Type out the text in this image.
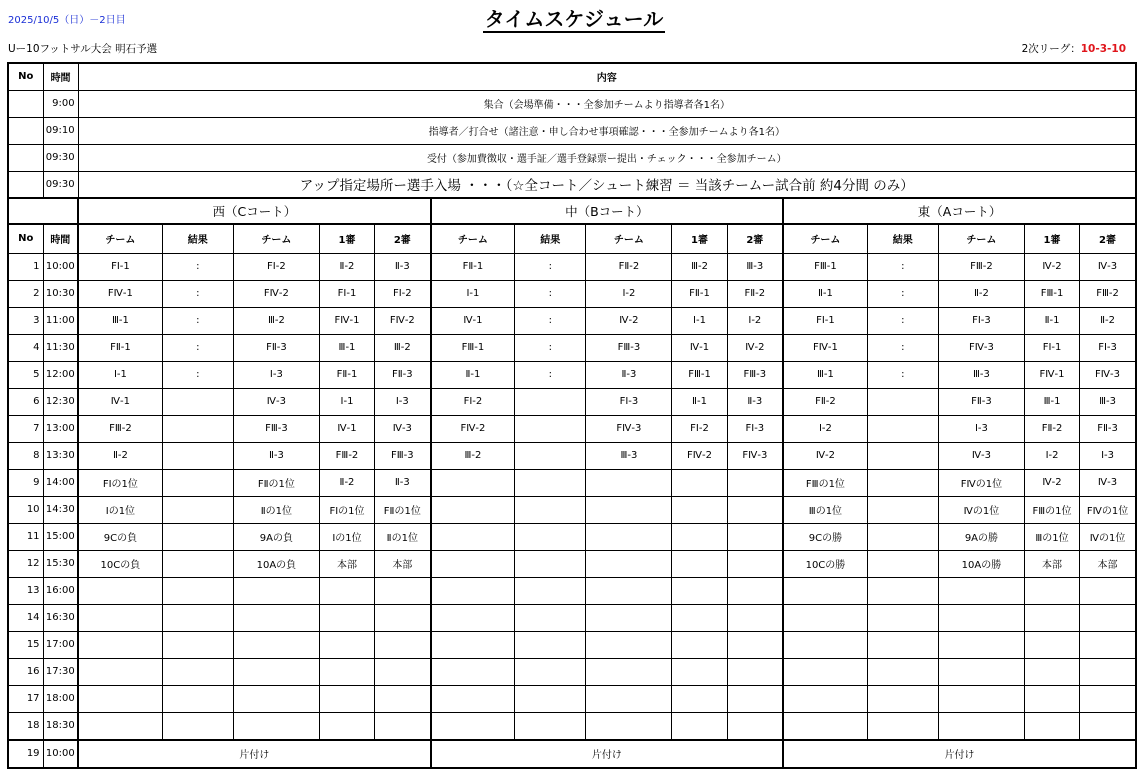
2025/10/5（日）－2日目	タイムスケジュール
Uー10フットサル大会 明石予選	2次リーグ：10-3-10
No	時間	内容														
	9:00	集合（会場準備・・・全参加チームより指導者各1名）														
	09:10	指導者／打合せ（諸注意・申し合わせ事項確認・・・全参加チームより各1名）														
	09:30	受付（参加費徴収・選手証／選手登録票ー提出・チェック・・・全参加チーム）														
	09:30	アップ指定場所ー選手入場 ・・・（☆全コート／シュート練習 ＝ 当該チームー試合前 約4分間 のみ）														
		西（Cコート）					中（Bコート）					東（Aコート）				
No	時間	チーム	結果	チーム	1審	2審	チーム	結果	チーム	1審	2審	チーム	結果	チーム	1審	2審
1	10:00	FⅠ-1	:	FⅠ-2	Ⅱ-2	Ⅱ-3	FⅡ-1	:	FⅡ-2	Ⅲ-2	Ⅲ-3	FⅢ-1	:	FⅢ-2	Ⅳ-2	Ⅳ-3
2	10:30	FⅣ-1	:	FⅣ-2	FⅠ-1	FⅠ-2	Ⅰ-1	:	Ⅰ-2	FⅡ-1	FⅡ-2	Ⅱ-1	:	Ⅱ-2	FⅢ-1	FⅢ-2
3	11:00	Ⅲ-1	:	Ⅲ-2	FⅣ-1	FⅣ-2	Ⅳ-1	:	Ⅳ-2	Ⅰ-1	Ⅰ-2	FⅠ-1	:	FⅠ-3	Ⅱ-1	Ⅱ-2
4	11:30	FⅡ-1	:	FⅡ-3	Ⅲ-1	Ⅲ-2	FⅢ-1	:	FⅢ-3	Ⅳ-1	Ⅳ-2	FⅣ-1	:	FⅣ-3	FⅠ-1	FⅠ-3
5	12:00	Ⅰ-1	:	Ⅰ-3	FⅡ-1	FⅡ-3	Ⅱ-1	:	Ⅱ-3	FⅢ-1	FⅢ-3	Ⅲ-1	:	Ⅲ-3	FⅣ-1	FⅣ-3
6	12:30	Ⅳ-1		Ⅳ-3	Ⅰ-1	Ⅰ-3	FⅠ-2		FⅠ-3	Ⅱ-1	Ⅱ-3	FⅡ-2		FⅡ-3	Ⅲ-1	Ⅲ-3
7	13:00	FⅢ-2		FⅢ-3	Ⅳ-1	Ⅳ-3	FⅣ-2		FⅣ-3	FⅠ-2	FⅠ-3	Ⅰ-2		Ⅰ-3	FⅡ-2	FⅡ-3
8	13:30	Ⅱ-2		Ⅱ-3	FⅢ-2	FⅢ-3	Ⅲ-2		Ⅲ-3	FⅣ-2	FⅣ-3	Ⅳ-2		Ⅳ-3	Ⅰ-2	Ⅰ-3
9	14:00	FⅠの1位		FⅡの1位	Ⅱ-2	Ⅱ-3						FⅢの1位		FⅣの1位	Ⅳ-2	Ⅳ-3
10	14:30	Ⅰの1位		Ⅱの1位	FⅠの1位	FⅡの1位						Ⅲの1位		Ⅳの1位	FⅢの1位	FⅣの1位
11	15:00	9Cの負		9Aの負	Ⅰの1位	Ⅱの1位						9Cの勝		9Aの勝	Ⅲの1位	Ⅳの1位
12	15:30	10Cの負		10Aの負	本部	本部						10Cの勝		10Aの勝	本部	本部
13	16:00															
14	16:30															
15	17:00															
16	17:30															
17	18:00															
18	18:30															
19	10:00	片付け					片付け					片付け				
